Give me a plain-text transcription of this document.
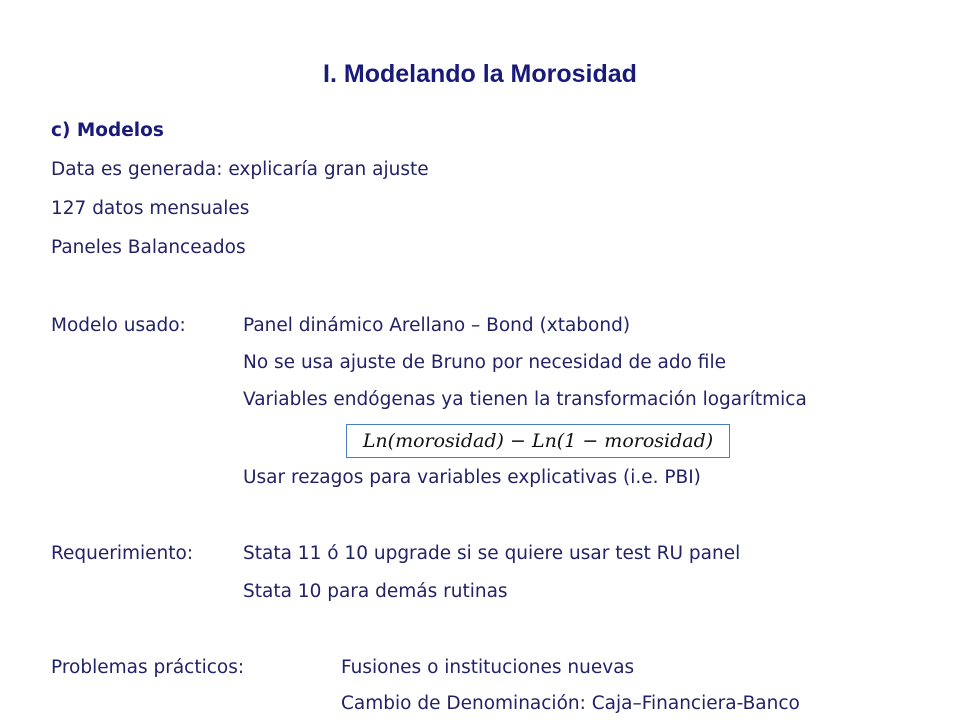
I. Modelando la Morosidad
c) Modelos
Data es generada: explicaría gran ajuste
127 datos mensuales
Paneles Balanceados
Modelo usado:	Panel dinámico Arellano – Bond (xtabond)
No se usa ajuste de Bruno por necesidad de ado file
Variables endógenas ya tienen la transformación logarítmica
Ln(morosidad) − Ln(1 − morosidad)
Usar rezagos para variables explicativas (i.e. PBI)
Requerimiento:	Stata 11 ó 10 upgrade si se quiere usar test RU panel
Stata 10 para demás rutinas
Problemas prácticos:	Fusiones o instituciones nuevas
Cambio de Denominación: Caja–Financiera-Banco
